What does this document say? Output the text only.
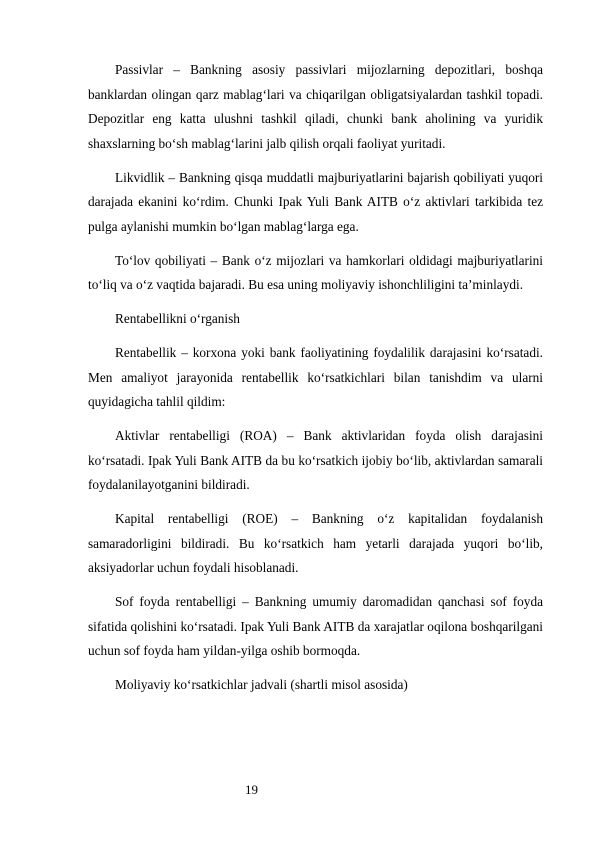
Passivlar – Bankning asosiy passivlari mijozlarning depozitlari, boshqa banklardan olingan qarz mablag‘lari va chiqarilgan obligatsiyalardan tashkil topadi. Depozitlar eng katta ulushni tashkil qiladi, chunki bank aholining va yuridik shaxslarning bo‘sh mablag‘larini jalb qilish orqali faoliyat yuritadi.

Likvidlik – Bankning qisqa muddatli majburiyatlarini bajarish qobiliyati yuqori darajada ekanini ko‘rdim. Chunki Ipak Yuli Bank AITB o‘z aktivlari tarkibida tez pulga aylanishi mumkin bo‘lgan mablag‘larga ega.

To‘lov qobiliyati – Bank o‘z mijozlari va hamkorlari oldidagi majburiyatlarini to‘liq va o‘z vaqtida bajaradi. Bu esa uning moliyaviy ishonchliligini ta’minlaydi.

Rentabellikni o‘rganish

Rentabellik – korxona yoki bank faoliyatining foydalilik darajasini ko‘rsatadi. Men amaliyot jarayonida rentabellik ko‘rsatkichlari bilan tanishdim va ularni quyidagicha tahlil qildim:

Aktivlar rentabelligi (ROA) – Bank aktivlaridan foyda olish darajasini ko‘rsatadi. Ipak Yuli Bank AITB da bu ko‘rsatkich ijobiy bo‘lib, aktivlardan samarali foydalanilayotganini bildiradi.

Kapital rentabelligi (ROE) – Bankning o‘z kapitalidan foydalanish samaradorligini bildiradi. Bu ko‘rsatkich ham yetarli darajada yuqori bo‘lib, aksiyadorlar uchun foydali hisoblanadi.

Sof foyda rentabelligi – Bankning umumiy daromadidan qanchasi sof foyda sifatida qolishini ko‘rsatadi. Ipak Yuli Bank AITB da xarajatlar oqilona boshqarilgani uchun sof foyda ham yildan-yilga oshib bormoqda.

Moliyaviy ko‘rsatkichlar jadvali (shartli misol asosida)

19
